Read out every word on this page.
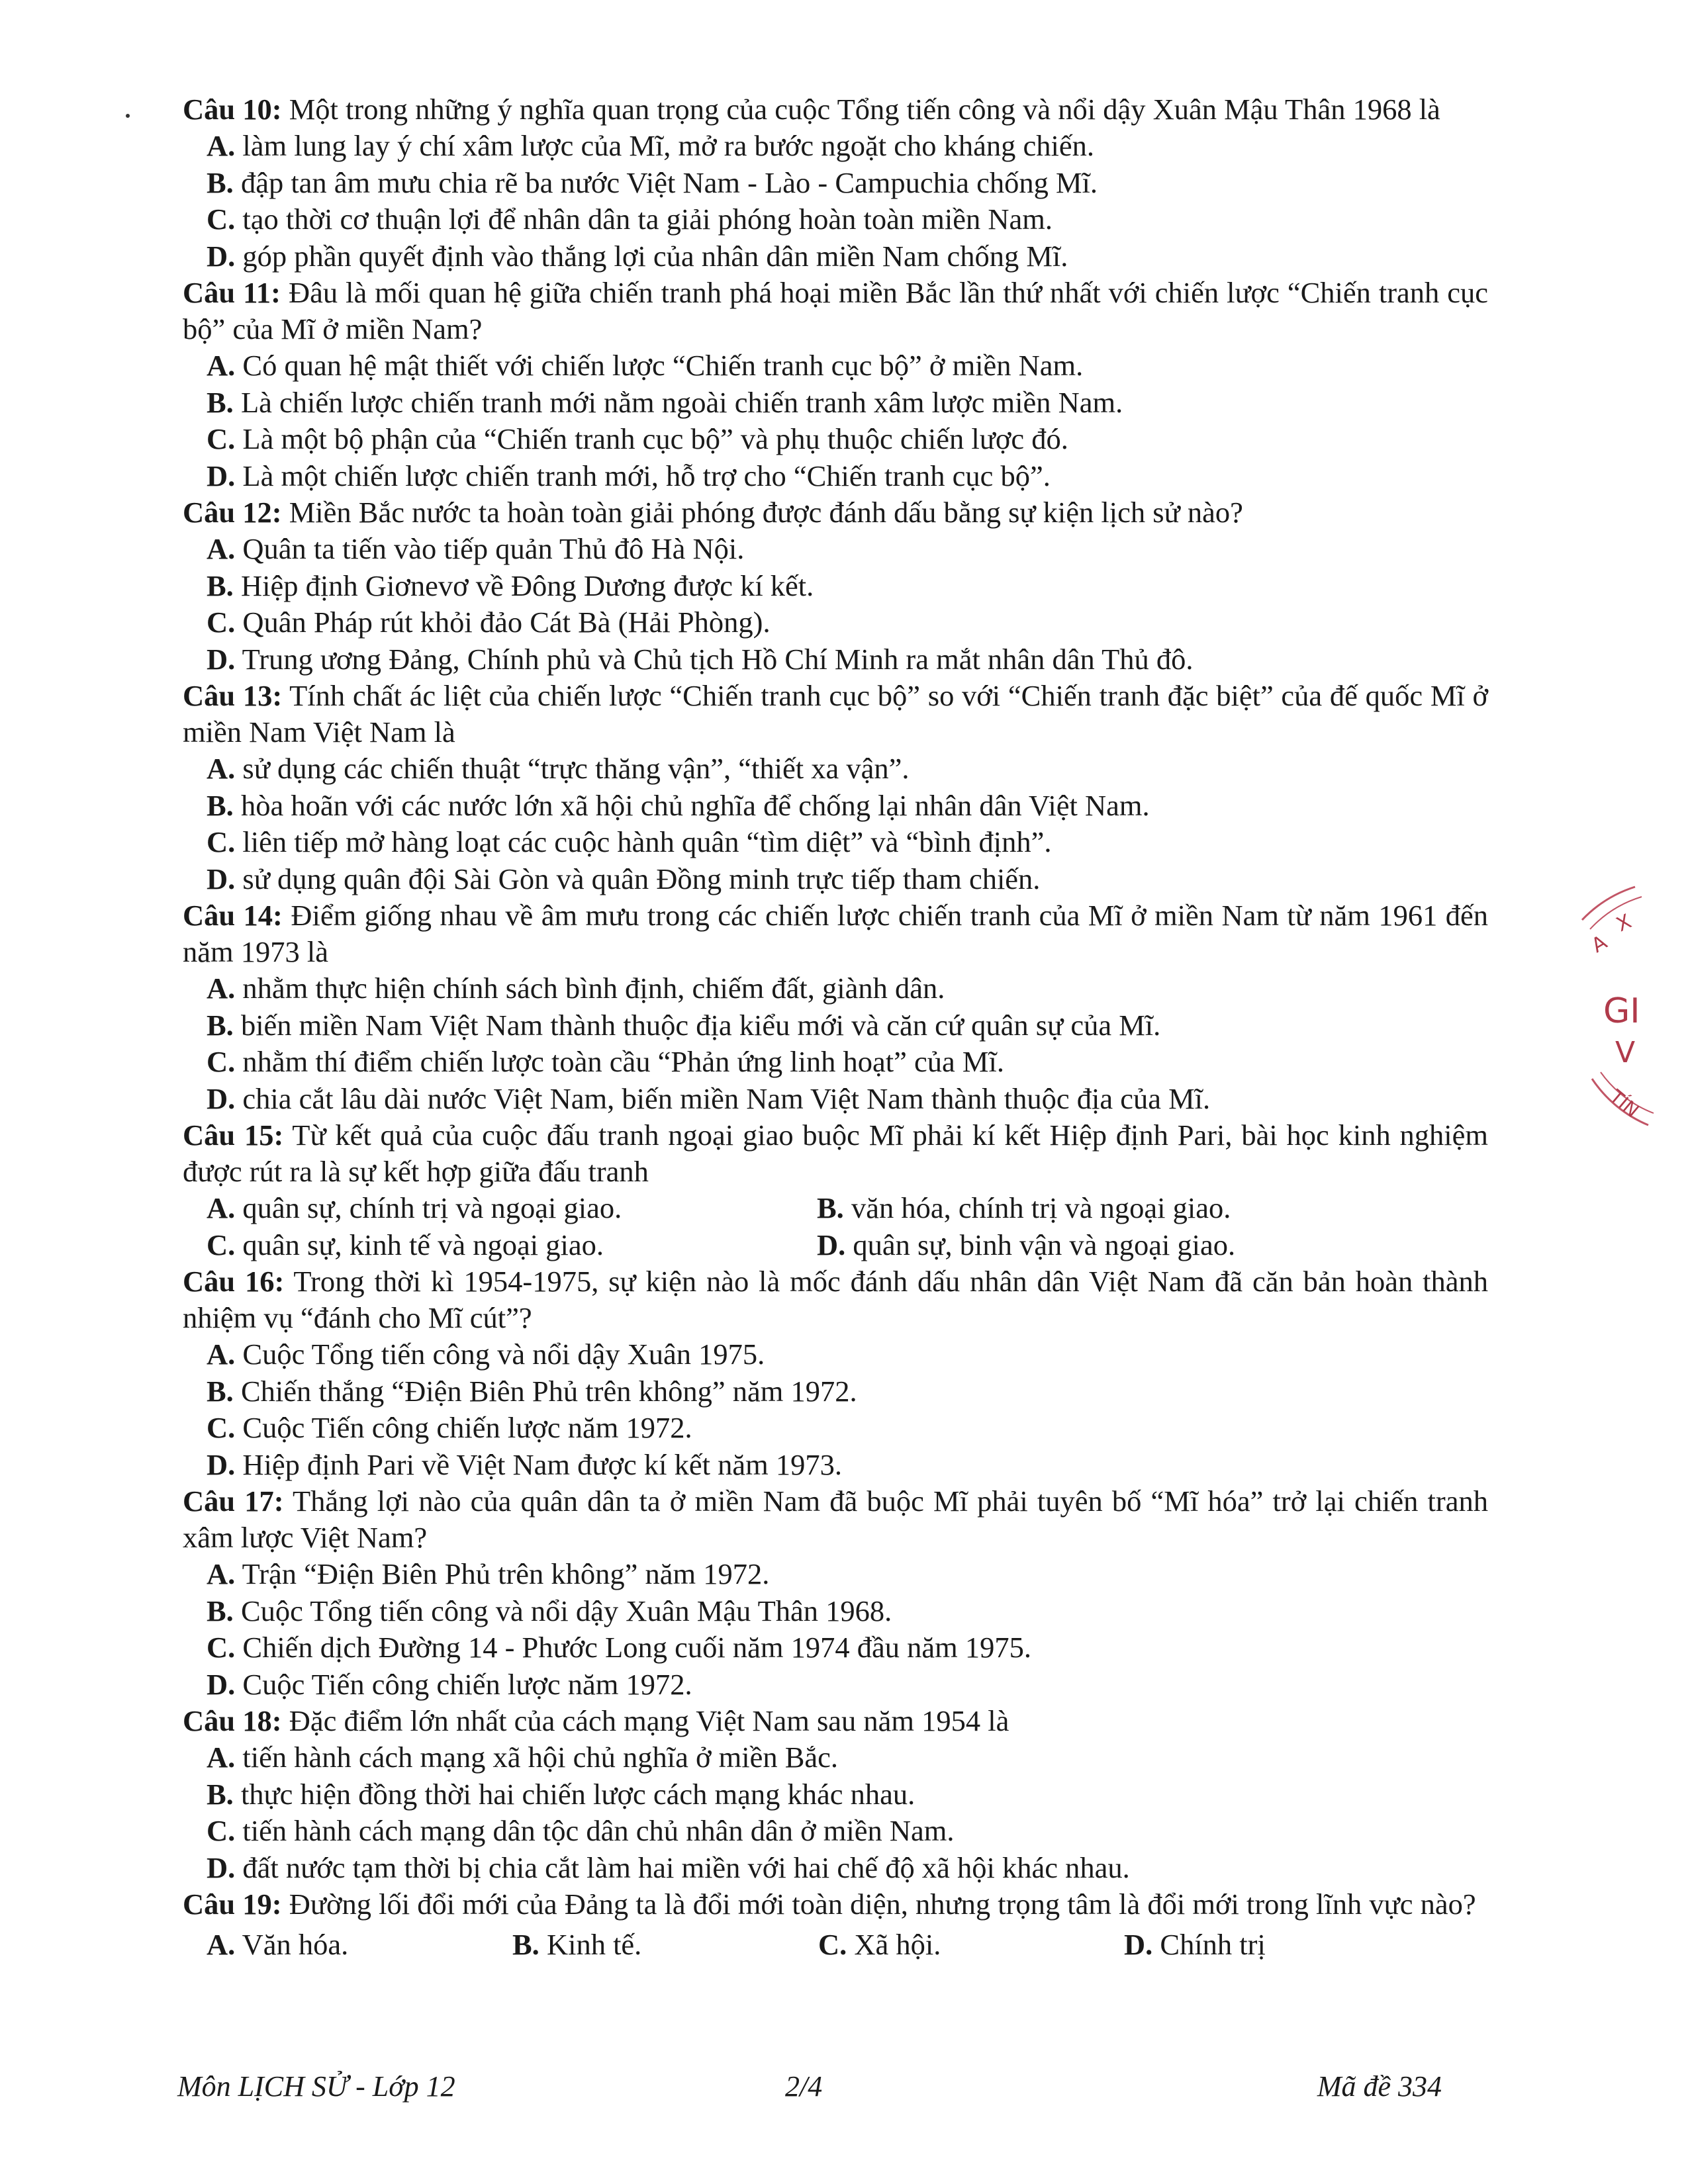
Câu 10: Một trong những ý nghĩa quan trọng của cuộc Tổng tiến công và nổi dậy Xuân Mậu Thân 1968 là

A. làm lung lay ý chí xâm lược của Mĩ, mở ra bước ngoặt cho kháng chiến.

B. đập tan âm mưu chia rẽ ba nước Việt Nam - Lào - Campuchia chống Mĩ.

C. tạo thời cơ thuận lợi để nhân dân ta giải phóng hoàn toàn miền Nam.

D. góp phần quyết định vào thắng lợi của nhân dân miền Nam chống Mĩ.

Câu 11: Đâu là mối quan hệ giữa chiến tranh phá hoại miền Bắc lần thứ nhất với chiến lược “Chiến tranh cục bộ” của Mĩ ở miền Nam?

A. Có quan hệ mật thiết với chiến lược “Chiến tranh cục bộ” ở miền Nam.

B. Là chiến lược chiến tranh mới nằm ngoài chiến tranh xâm lược miền Nam.

C. Là một bộ phận của “Chiến tranh cục bộ” và phụ thuộc chiến lược đó.

D. Là một chiến lược chiến tranh mới, hỗ trợ cho “Chiến tranh cục bộ”.

Câu 12: Miền Bắc nước ta hoàn toàn giải phóng được đánh dấu bằng sự kiện lịch sử nào?

A. Quân ta tiến vào tiếp quản Thủ đô Hà Nội.

B. Hiệp định Giơnevơ về Đông Dương được kí kết.

C. Quân Pháp rút khỏi đảo Cát Bà (Hải Phòng).

D. Trung ương Đảng, Chính phủ và Chủ tịch Hồ Chí Minh ra mắt nhân dân Thủ đô.

Câu 13: Tính chất ác liệt của chiến lược “Chiến tranh cục bộ” so với “Chiến tranh đặc biệt” của đế quốc Mĩ ở miền Nam Việt Nam là

A. sử dụng các chiến thuật “trực thăng vận”, “thiết xa vận”.

B. hòa hoãn với các nước lớn xã hội chủ nghĩa để chống lại nhân dân Việt Nam.

C. liên tiếp mở hàng loạt các cuộc hành quân “tìm diệt” và “bình định”.

D. sử dụng quân đội Sài Gòn và quân Đồng minh trực tiếp tham chiến.

Câu 14: Điểm giống nhau về âm mưu trong các chiến lược chiến tranh của Mĩ ở miền Nam từ năm 1961 đến năm 1973 là

A. nhằm thực hiện chính sách bình định, chiếm đất, giành dân.

B. biến miền Nam Việt Nam thành thuộc địa kiểu mới và căn cứ quân sự của Mĩ.

C. nhằm thí điểm chiến lược toàn cầu “Phản ứng linh hoạt” của Mĩ.

D. chia cắt lâu dài nước Việt Nam, biến miền Nam Việt Nam thành thuộc địa của Mĩ.

Câu 15: Từ kết quả của cuộc đấu tranh ngoại giao buộc Mĩ phải kí kết Hiệp định Pari, bài học kinh nghiệm được rút ra là sự kết hợp giữa đấu tranh

A. quân sự, chính trị và ngoại giao.	B. văn hóa, chính trị và ngoại giao.
C. quân sự, kinh tế và ngoại giao.	D. quân sự, binh vận và ngoại giao.

Câu 16: Trong thời kì 1954-1975, sự kiện nào là mốc đánh dấu nhân dân Việt Nam đã căn bản hoàn thành nhiệm vụ “đánh cho Mĩ cút”?

A. Cuộc Tổng tiến công và nổi dậy Xuân 1975.

B. Chiến thắng “Điện Biên Phủ trên không” năm 1972.

C. Cuộc Tiến công chiến lược năm 1972.

D. Hiệp định Pari về Việt Nam được kí kết năm 1973.

Câu 17: Thắng lợi nào của quân dân ta ở miền Nam đã buộc Mĩ phải tuyên bố “Mĩ hóa” trở lại chiến tranh xâm lược Việt Nam?

A. Trận “Điện Biên Phủ trên không” năm 1972.

B. Cuộc Tổng tiến công và nổi dậy Xuân Mậu Thân 1968.

C. Chiến dịch Đường 14 - Phước Long cuối năm 1974 đầu năm 1975.

D. Cuộc Tiến công chiến lược năm 1972.

Câu 18: Đặc điểm lớn nhất của cách mạng Việt Nam sau năm 1954 là

A. tiến hành cách mạng xã hội chủ nghĩa ở miền Bắc.

B. thực hiện đồng thời hai chiến lược cách mạng khác nhau.

C. tiến hành cách mạng dân tộc dân chủ nhân dân ở miền Nam.

D. đất nước tạm thời bị chia cắt làm hai miền với hai chế độ xã hội khác nhau.

Câu 19: Đường lối đổi mới của Đảng ta là đổi mới toàn diện, nhưng trọng tâm là đổi mới trong lĩnh vực nào?

A. Văn hóa.	B. Kinh tế.	C. Xã hội.	D. Chính trị
A
X
GI
V
TÍN
Môn LỊCH SỬ - Lớp 12	2/4	Mã đề 334
